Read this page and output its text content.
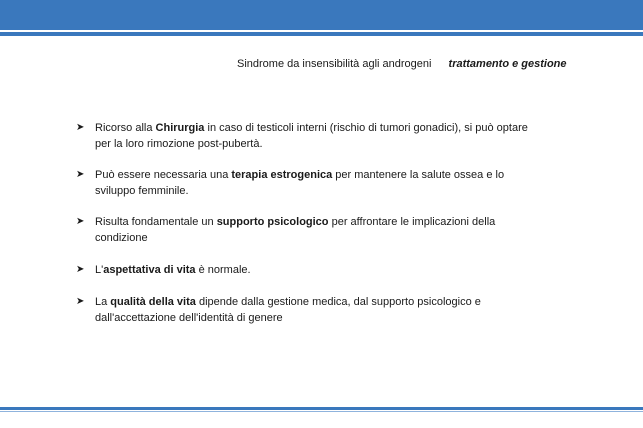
Sindrome da insensibilità agli androgeni trattamento e gestione
➤ Ricorso alla Chirurgia in caso di testicoli interni (rischio di tumori gonadici), si può optare per la loro rimozione post-pubertà.
➤ Può essere necessaria una terapia estrogenica per mantenere la salute ossea e lo sviluppo femminile.
➤ Risulta fondamentale un supporto psicologico per affrontare le implicazioni della condizione
➤ L'aspettativa di vita è normale.
➤ La qualità della vita dipende dalla gestione medica, dal supporto psicologico e dall'accettazione dell'identità di genere
